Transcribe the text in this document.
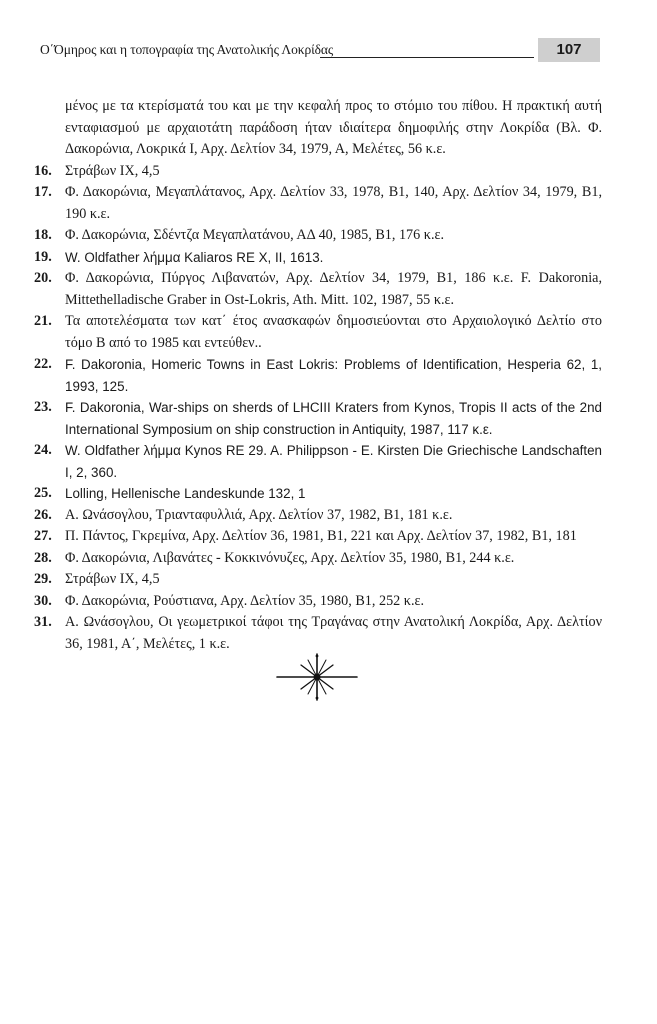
Ο΄Όμηρος και η τοπογραφία της Ανατολικής Λοκρίδας	107
μένος με τα κτερίσματά του και με την κεφαλή προς το στόμιο του πίθου. Η πρακτική αυτή ενταφιασμού με αρχαιοτάτη παράδοση ήταν ιδιαίτερα δημοφιλής στην Λοκρίδα (Βλ. Φ. Δακορώνια, Λοκρικά Ι, Αρχ. Δελτίον 34, 1979, Α, Μελέτες, 56 κ.ε.
16. Στράβων ΙΧ, 4,5
17. Φ. Δακορώνια, Μεγαπλάτανος, Αρχ. Δελτίον 33, 1978, Β1, 140, Αρχ. Δελτίον 34, 1979, Β1, 190 κ.ε.
18. Φ. Δακορώνια, Σδέντζα Μεγαπλατάνου, ΑΔ 40, 1985, Β1, 176 κ.ε.
19. W. Oldfather λήμμα Kaliaros RE X, II, 1613.
20. Φ. Δακορώνια, Πύργος Λιβανατών, Αρχ. Δελτίον 34, 1979, Β1, 186 κ.ε. F. Dakoronia, Mittethelladische Graber in Ost-Lokris, Ath. Mitt. 102, 1987, 55 κ.ε.
21. Τα αποτελέσματα των κατ΄ έτος ανασκαφών δημοσιεύονται στο Αρχαιολογικό Δελτίο στο τόμο Β από το 1985 και εντεύθεν..
22. F. Dakoronia, Homeric Towns in East Lokris: Problems of Identification, Hesperia 62, 1, 1993, 125.
23. F. Dakoronia, War-ships on sherds of LHCIII Kraters from Kynos, Tropis II acts of the 2nd International Symposium on ship construction in Antiquity, 1987, 117 κ.ε.
24. W. Oldfather λήμμα Kynos RE 29. A. Philippson - E. Kirsten Die Griechische Landschaften I, 2, 360.
25. Lolling, Hellenische Landeskunde 132, 1
26. Α. Ωνάσογλου, Τριανταφυλλιά, Αρχ. Δελτίον 37, 1982, Β1, 181 κ.ε.
27. Π. Πάντος, Γκρεμίνα, Αρχ. Δελτίον 36, 1981, Β1, 221 και Αρχ. Δελτίον 37, 1982, Β1, 181
28. Φ. Δακορώνια, Λιβανάτες - Κοκκινόνυζες, Αρχ. Δελτίον 35, 1980, Β1, 244 κ.ε.
29. Στράβων ΙΧ, 4,5
30. Φ. Δακορώνια, Ρούστιανα, Αρχ. Δελτίον 35, 1980, Β1, 252 κ.ε.
31. Α. Ωνάσογλου, Οι γεωμετρικοί τάφοι της Τραγάνας στην Ανατολική Λοκρίδα, Αρχ. Δελτίον 36, 1981, Α΄, Μελέτες, 1 κ.ε.
